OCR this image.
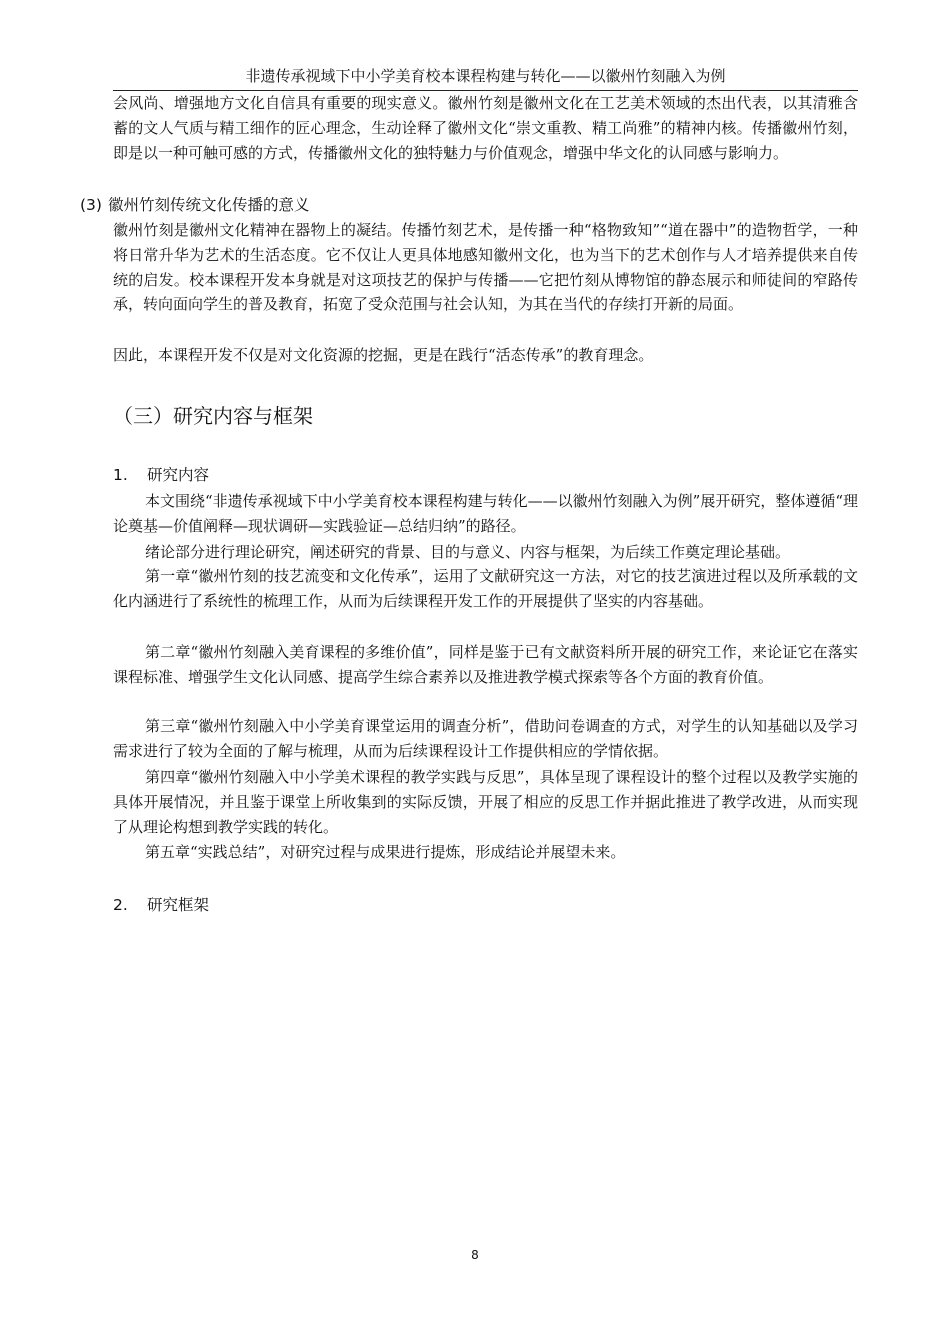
非遗传承视域下中小学美育校本课程构建与转化——以徽州竹刻融入为例
会风尚、增强地方文化自信具有重要的现实意义。徽州竹刻是徽州文化在工艺美术领域的杰出代表，以其清雅含蓄的文人气质与精工细作的匠心理念，生动诠释了徽州文化“崇文重教、精工尚雅”的精神内核。传播徽州竹刻，即是以一种可触可感的方式，传播徽州文化的独特魅力与价值观念，增强中华文化的认同感与影响力。
(3) 徽州竹刻传统文化传播的意义
徽州竹刻是徽州文化精神在器物上的凝结。传播竹刻艺术，是传播一种“格物致知”“道在器中”的造物哲学，一种将日常升华为艺术的生活态度。它不仅让人更具体地感知徽州文化，也为当下的艺术创作与人才培养提供来自传统的启发。校本课程开发本身就是对这项技艺的保护与传播——它把竹刻从博物馆的静态展示和师徒间的窄路传承，转向面向学生的普及教育，拓宽了受众范围与社会认知，为其在当代的存续打开新的局面。
因此，本课程开发不仅是对文化资源的挖掘，更是在践行“活态传承”的教育理念。
（三）研究内容与框架
1. 研究内容
本文围绕“非遗传承视域下中小学美育校本课程构建与转化——以徽州竹刻融入为例”展开研究，整体遵循“理论奠基—价值阐释—现状调研—实践验证—总结归纳”的路径。
绪论部分进行理论研究，阐述研究的背景、目的与意义、内容与框架，为后续工作奠定理论基础。
第一章“徽州竹刻的技艺流变和文化传承”，运用了文献研究这一方法，对它的技艺演进过程以及所承载的文化内涵进行了系统性的梳理工作，从而为后续课程开发工作的开展提供了坚实的内容基础。
第二章“徽州竹刻融入美育课程的多维价值”，同样是鉴于已有文献资料所开展的研究工作，来论证它在落实课程标准、增强学生文化认同感、提高学生综合素养以及推进教学模式探索等各个方面的教育价值。
第三章“徽州竹刻融入中小学美育课堂运用的调查分析”，借助问卷调查的方式，对学生的认知基础以及学习需求进行了较为全面的了解与梳理，从而为后续课程设计工作提供相应的学情依据。
第四章“徽州竹刻融入中小学美术课程的教学实践与反思”，具体呈现了课程设计的整个过程以及教学实施的具体开展情况，并且鉴于课堂上所收集到的实际反馈，开展了相应的反思工作并据此推进了教学改进，从而实现了从理论构想到教学实践的转化。
第五章“实践总结”，对研究过程与成果进行提炼，形成结论并展望未来。
2. 研究框架
8
